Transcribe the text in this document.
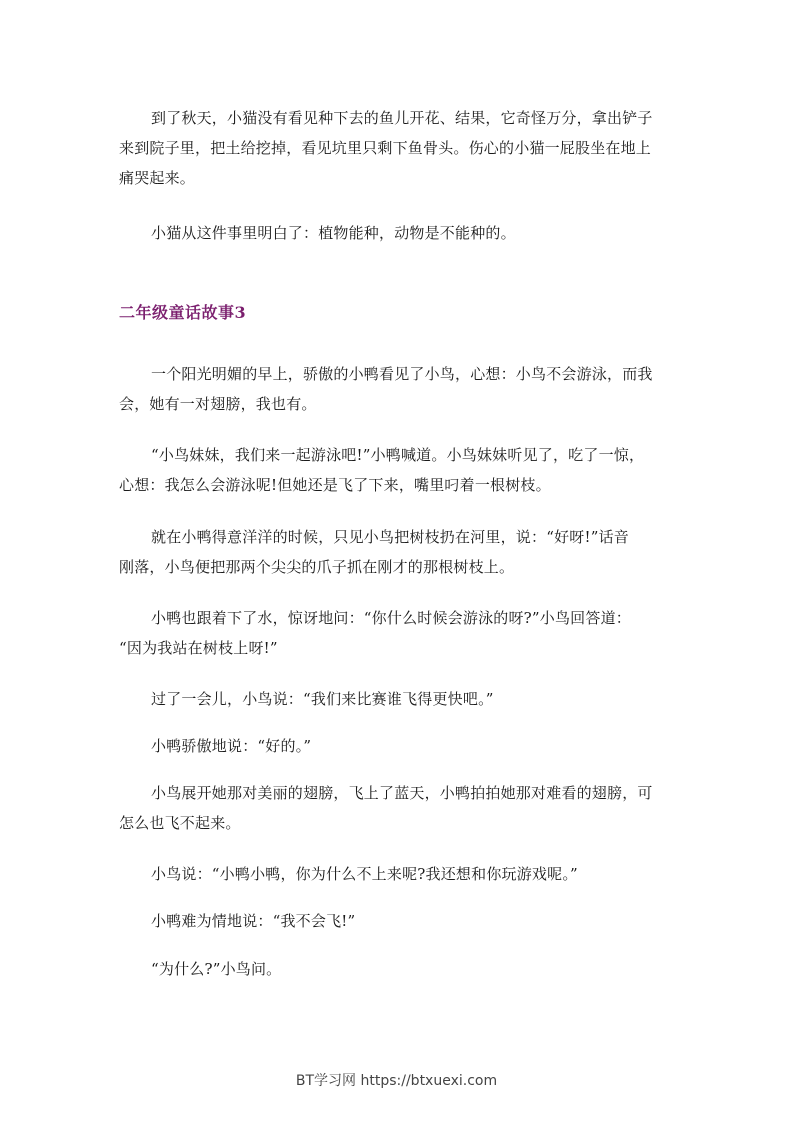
到了秋天，小猫没有看见种下去的鱼儿开花、结果，它奇怪万分，拿出铲子
来到院子里，把土给挖掉，看见坑里只剩下鱼骨头。伤心的小猫一屁股坐在地上
痛哭起来。
小猫从这件事里明白了：植物能种，动物是不能种的。
二年级童话故事3
一个阳光明媚的早上，骄傲的小鸭看见了小鸟，心想：小鸟不会游泳，而我
会，她有一对翅膀，我也有。
“小鸟妹妹，我们来一起游泳吧!”小鸭喊道。小鸟妹妹听见了，吃了一惊，
心想：我怎么会游泳呢!但她还是飞了下来，嘴里叼着一根树枝。
就在小鸭得意洋洋的时候，只见小鸟把树枝扔在河里，说：“好呀!”话音
刚落，小鸟便把那两个尖尖的爪子抓在刚才的那根树枝上。
小鸭也跟着下了水，惊讶地问：“你什么时候会游泳的呀?”小鸟回答道：
“因为我站在树枝上呀!”
过了一会儿，小鸟说：“我们来比赛谁飞得更快吧。”
小鸭骄傲地说：“好的。”
小鸟展开她那对美丽的翅膀，飞上了蓝天，小鸭拍拍她那对难看的翅膀，可
怎么也飞不起来。
小鸟说：“小鸭小鸭，你为什么不上来呢?我还想和你玩游戏呢。”
小鸭难为情地说：“我不会飞!”
“为什么?”小鸟问。
BT学习网 https://btxuexi.com
